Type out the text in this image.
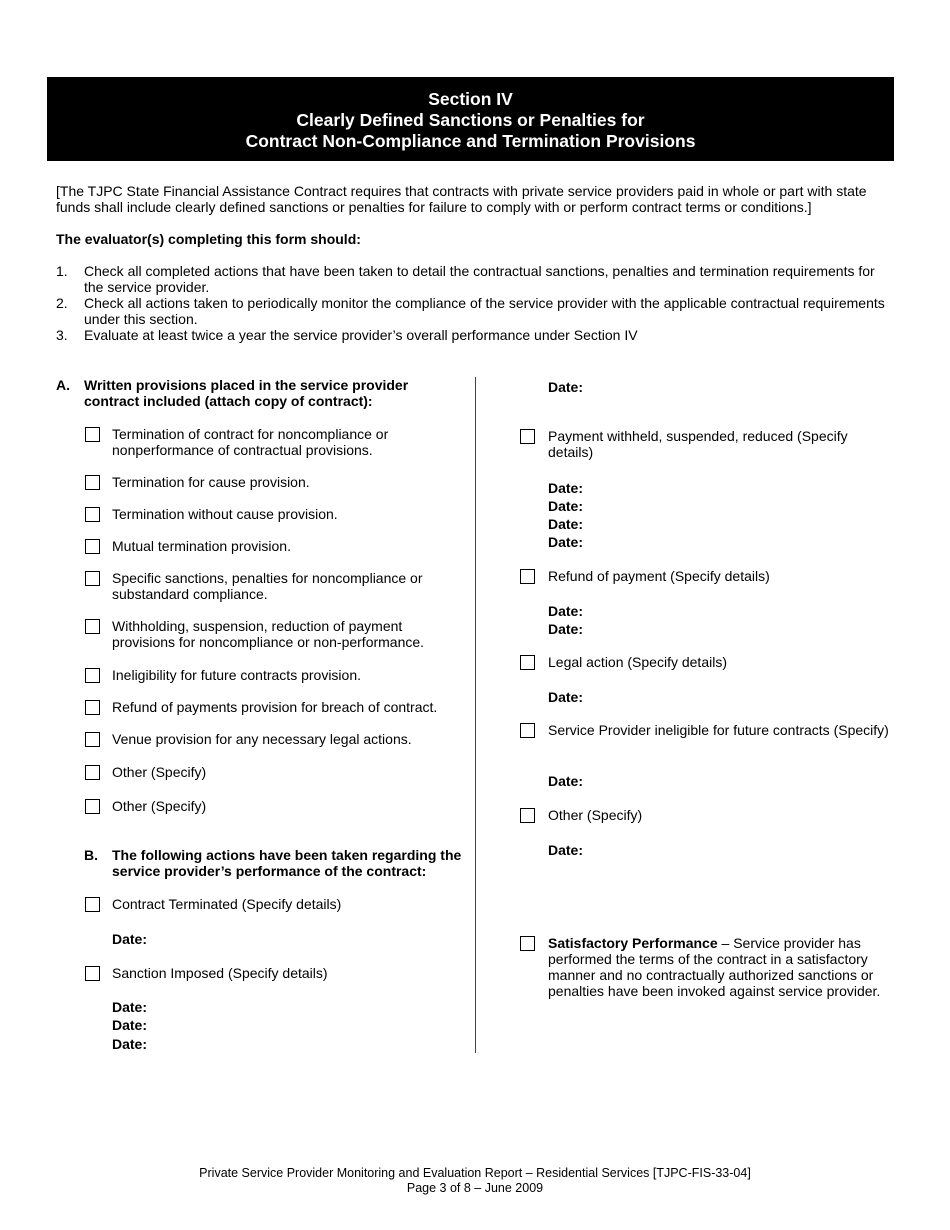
Section IV
Clearly Defined Sanctions or Penalties for
Contract Non-Compliance and Termination Provisions
[The TJPC State Financial Assistance Contract requires that contracts with private service providers paid in whole or part with state funds shall include clearly defined sanctions or penalties for failure to comply with or perform contract terms or conditions.]
The evaluator(s) completing this form should:
1. Check all completed actions that have been taken to detail the contractual sanctions, penalties and termination requirements for the service provider.
2. Check all actions taken to periodically monitor the compliance of the service provider with the applicable contractual requirements under this section.
3. Evaluate at least twice a year the service provider’s overall performance under Section IV
A.	Written provisions placed in the service provider contract included (attach copy of contract):
Termination of contract for noncompliance or nonperformance of contractual provisions.
Termination for cause provision.
Termination without cause provision.
Mutual termination provision.
Specific sanctions, penalties for noncompliance or substandard compliance.
Withholding, suspension, reduction of payment provisions for noncompliance or non-performance.
Ineligibility for future contracts provision.
Refund of payments provision for breach of contract.
Venue provision for any necessary legal actions.
Other (Specify)
Other (Specify)
B.	The following actions have been taken regarding the service provider’s performance of the contract:
Contract Terminated (Specify details)
Date:
Sanction Imposed (Specify details)
Date:
Date:
Date:
Date:
Payment withheld, suspended, reduced (Specify details)
Date:
Date:
Date:
Date:
Refund of payment (Specify details)
Date:
Date:
Legal action (Specify details)
Date:
Service Provider ineligible for future contracts (Specify)
Date:
Other (Specify)
Date:
Satisfactory Performance – Service provider has performed the terms of the contract in a satisfactory manner and no contractually authorized sanctions or penalties have been invoked against service provider.
Private Service Provider Monitoring and Evaluation Report – Residential Services [TJPC-FIS-33-04]
Page 3 of 8 – June 2009
